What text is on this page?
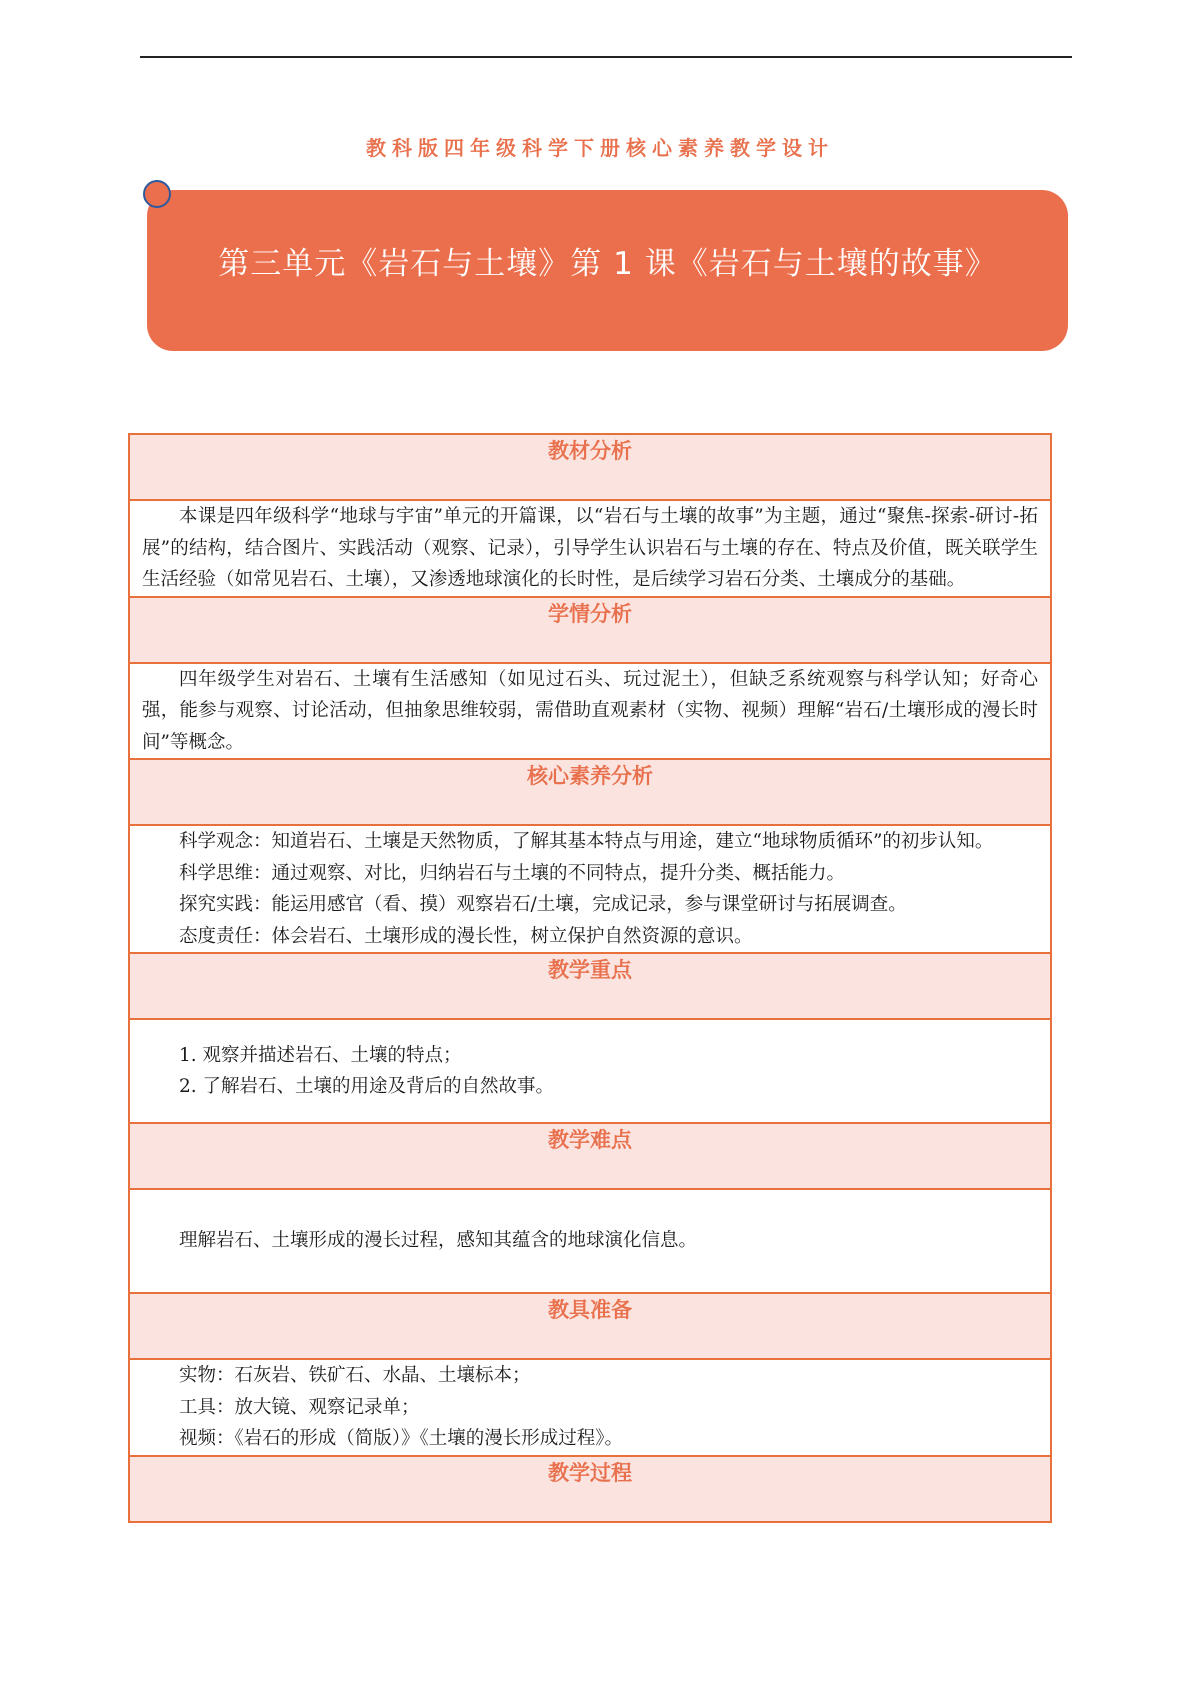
教科版四年级科学下册核心素养教学设计
第三单元《岩石与土壤》第 1 课《岩石与土壤的故事》
教材分析

本课是四年级科学“地球与宇宙”单元的开篇课，以“岩石与土壤的故事”为主题，通过“聚焦-探索-研讨-拓展”的结构，结合图片、实践活动（观察、记录），引导学生认识岩石与土壤的存在、特点及价值，既关联学生生活经验（如常见岩石、土壤），又渗透地球演化的长时性，是后续学习岩石分类、土壤成分的基础。

学情分析

四年级学生对岩石、土壤有生活感知（如见过石头、玩过泥土），但缺乏系统观察与科学认知；好奇心强，能参与观察、讨论活动，但抽象思维较弱，需借助直观素材（实物、视频）理解“岩石/土壤形成的漫长时间”等概念。

核心素养分析

科学观念：知道岩石、土壤是天然物质，了解其基本特点与用途，建立“地球物质循环”的初步认知。

科学思维：通过观察、对比，归纳岩石与土壤的不同特点，提升分类、概括能力。

探究实践：能运用感官（看、摸）观察岩石/土壤，完成记录，参与课堂研讨与拓展调查。

态度责任：体会岩石、土壤形成的漫长性，树立保护自然资源的意识。

教学重点

1. 观察并描述岩石、土壤的特点；

2. 了解岩石、土壤的用途及背后的自然故事。

教学难点

理解岩石、土壤形成的漫长过程，感知其蕴含的地球演化信息。

教具准备

实物：石灰岩、铁矿石、水晶、土壤标本；

工具：放大镜、观察记录单；

视频：《岩石的形成（简版）》《土壤的漫长形成过程》。

教学过程
